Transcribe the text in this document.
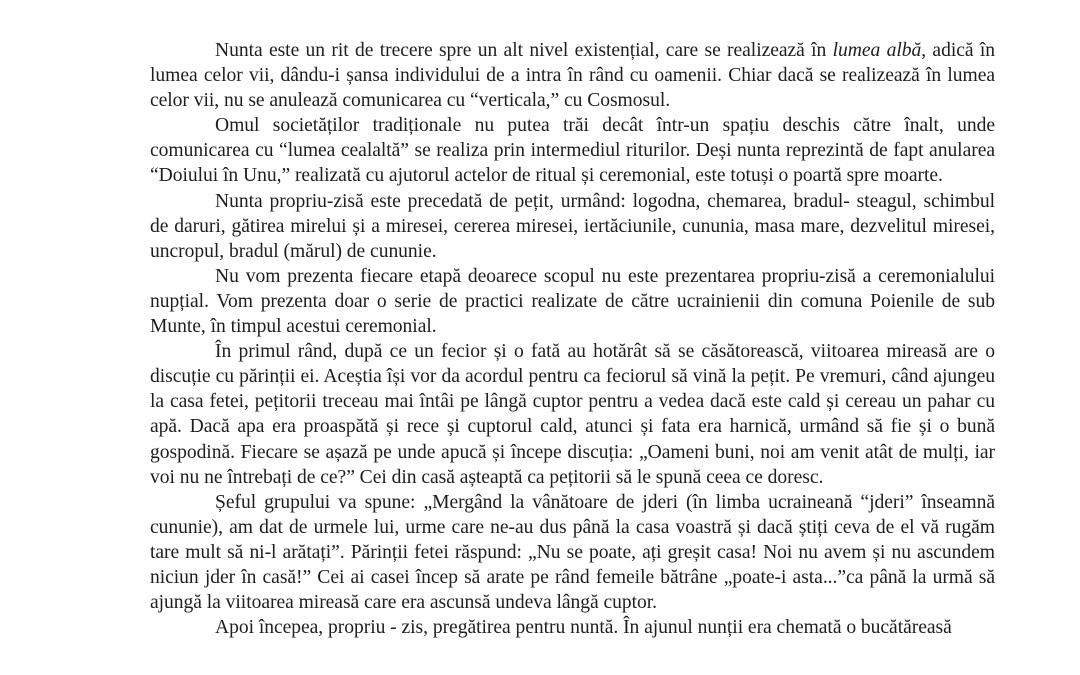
Nunta este un rit de trecere spre un alt nivel existențial, care se realizează în lumea albă, adică în lumea celor vii, dându-i șansa individului de a intra în rând cu oamenii. Chiar dacă se realizează în lumea celor vii, nu se anulează comunicarea cu “verticala,” cu Cosmosul.

Omul societăților tradiționale nu putea trăi decât într-un spațiu deschis către înalt, unde comunicarea cu “lumea cealaltă” se realiza prin intermediul riturilor. Deși nunta reprezintă de fapt anularea “Doiului în Unu,” realizată cu ajutorul actelor de ritual și ceremonial, este totuși o poartă spre moarte.

Nunta propriu-zisă este precedată de pețit, urmând: logodna, chemarea, bradul- steagul, schimbul de daruri, gătirea mirelui și a miresei, cererea miresei, iertăciunile, cununia, masa mare, dezvelitul miresei, uncropul, bradul (mărul) de cununie.

Nu vom prezenta fiecare etapă deoarece scopul nu este prezentarea propriu-zisă a ceremonialului nupțial. Vom prezenta doar o serie de practici realizate de către ucrainienii din comuna Poienile de sub Munte, în timpul acestui ceremonial.

În primul rând, după ce un fecior și o fată au hotărât să se căsătorească, viitoarea mireasă are o discuție cu părinții ei. Aceștia își vor da acordul pentru ca feciorul să vină la pețit. Pe vremuri, când ajungeu la casa fetei, pețitorii treceau mai întâi pe lângă cuptor pentru a vedea dacă este cald și cereau un pahar cu apă. Dacă apa era proaspătă și rece și cuptorul cald, atunci și fata era harnică, urmând să fie și o bună gospodină. Fiecare se așază pe unde apucă și începe discuția: „Oameni buni, noi am venit atât de mulți, iar voi nu ne întrebați de ce?” Cei din casă așteaptă ca pețitorii să le spună ceea ce doresc.

Șeful grupului va spune: „Mergând la vânătoare de jderi (în limba ucraineană “jderi” înseamnă cununie), am dat de urmele lui, urme care ne-au dus până la casa voastră și dacă știți ceva de el vă rugăm tare mult să ni-l arătați”. Părinții fetei răspund: „Nu se poate, ați greșit casa! Noi nu avem și nu ascundem niciun jder în casă!” Cei ai casei încep să arate pe rând femeile bătrâne „poate-i asta...”ca până la urmă să ajungă la viitoarea mireasă care era ascunsă undeva lângă cuptor.

Apoi începea, propriu - zis, pregătirea pentru nuntă. În ajunul nunții era chemată o bucătăreasă
